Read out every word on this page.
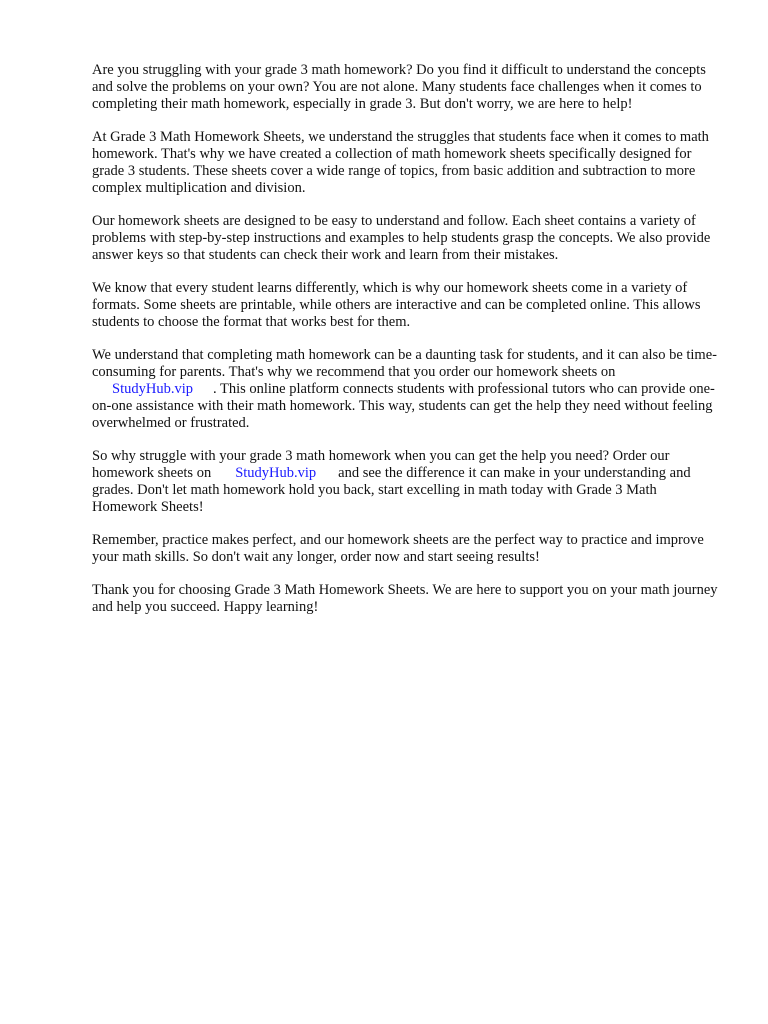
Are you struggling with your grade 3 math homework? Do you find it difficult to understand the concepts and solve the problems on your own? You are not alone. Many students face challenges when it comes to completing their math homework, especially in grade 3. But don't worry, we are here to help!

At Grade 3 Math Homework Sheets, we understand the struggles that students face when it comes to math homework. That's why we have created a collection of math homework sheets specifically designed for grade 3 students. These sheets cover a wide range of topics, from basic addition and subtraction to more complex multiplication and division.

Our homework sheets are designed to be easy to understand and follow. Each sheet contains a variety of problems with step-by-step instructions and examples to help students grasp the concepts. We also provide answer keys so that students can check their work and learn from their mistakes.

We know that every student learns differently, which is why our homework sheets come in a variety of formats. Some sheets are printable, while others are interactive and can be completed online. This allows students to choose the format that works best for them.

We understand that completing math homework can be a daunting task for students, and it can also be time-consuming for parents. That's why we recommend that you order our homework sheets on StudyHub.vip . This online platform connects students with professional tutors who can provide one-on-one assistance with their math homework. This way, students can get the help they need without feeling overwhelmed or frustrated.

So why struggle with your grade 3 math homework when you can get the help you need? Order our homework sheets on StudyHub.vip and see the difference it can make in your understanding and grades. Don't let math homework hold you back, start excelling in math today with Grade 3 Math Homework Sheets!

Remember, practice makes perfect, and our homework sheets are the perfect way to practice and improve your math skills. So don't wait any longer, order now and start seeing results!

Thank you for choosing Grade 3 Math Homework Sheets. We are here to support you on your math journey and help you succeed. Happy learning!
